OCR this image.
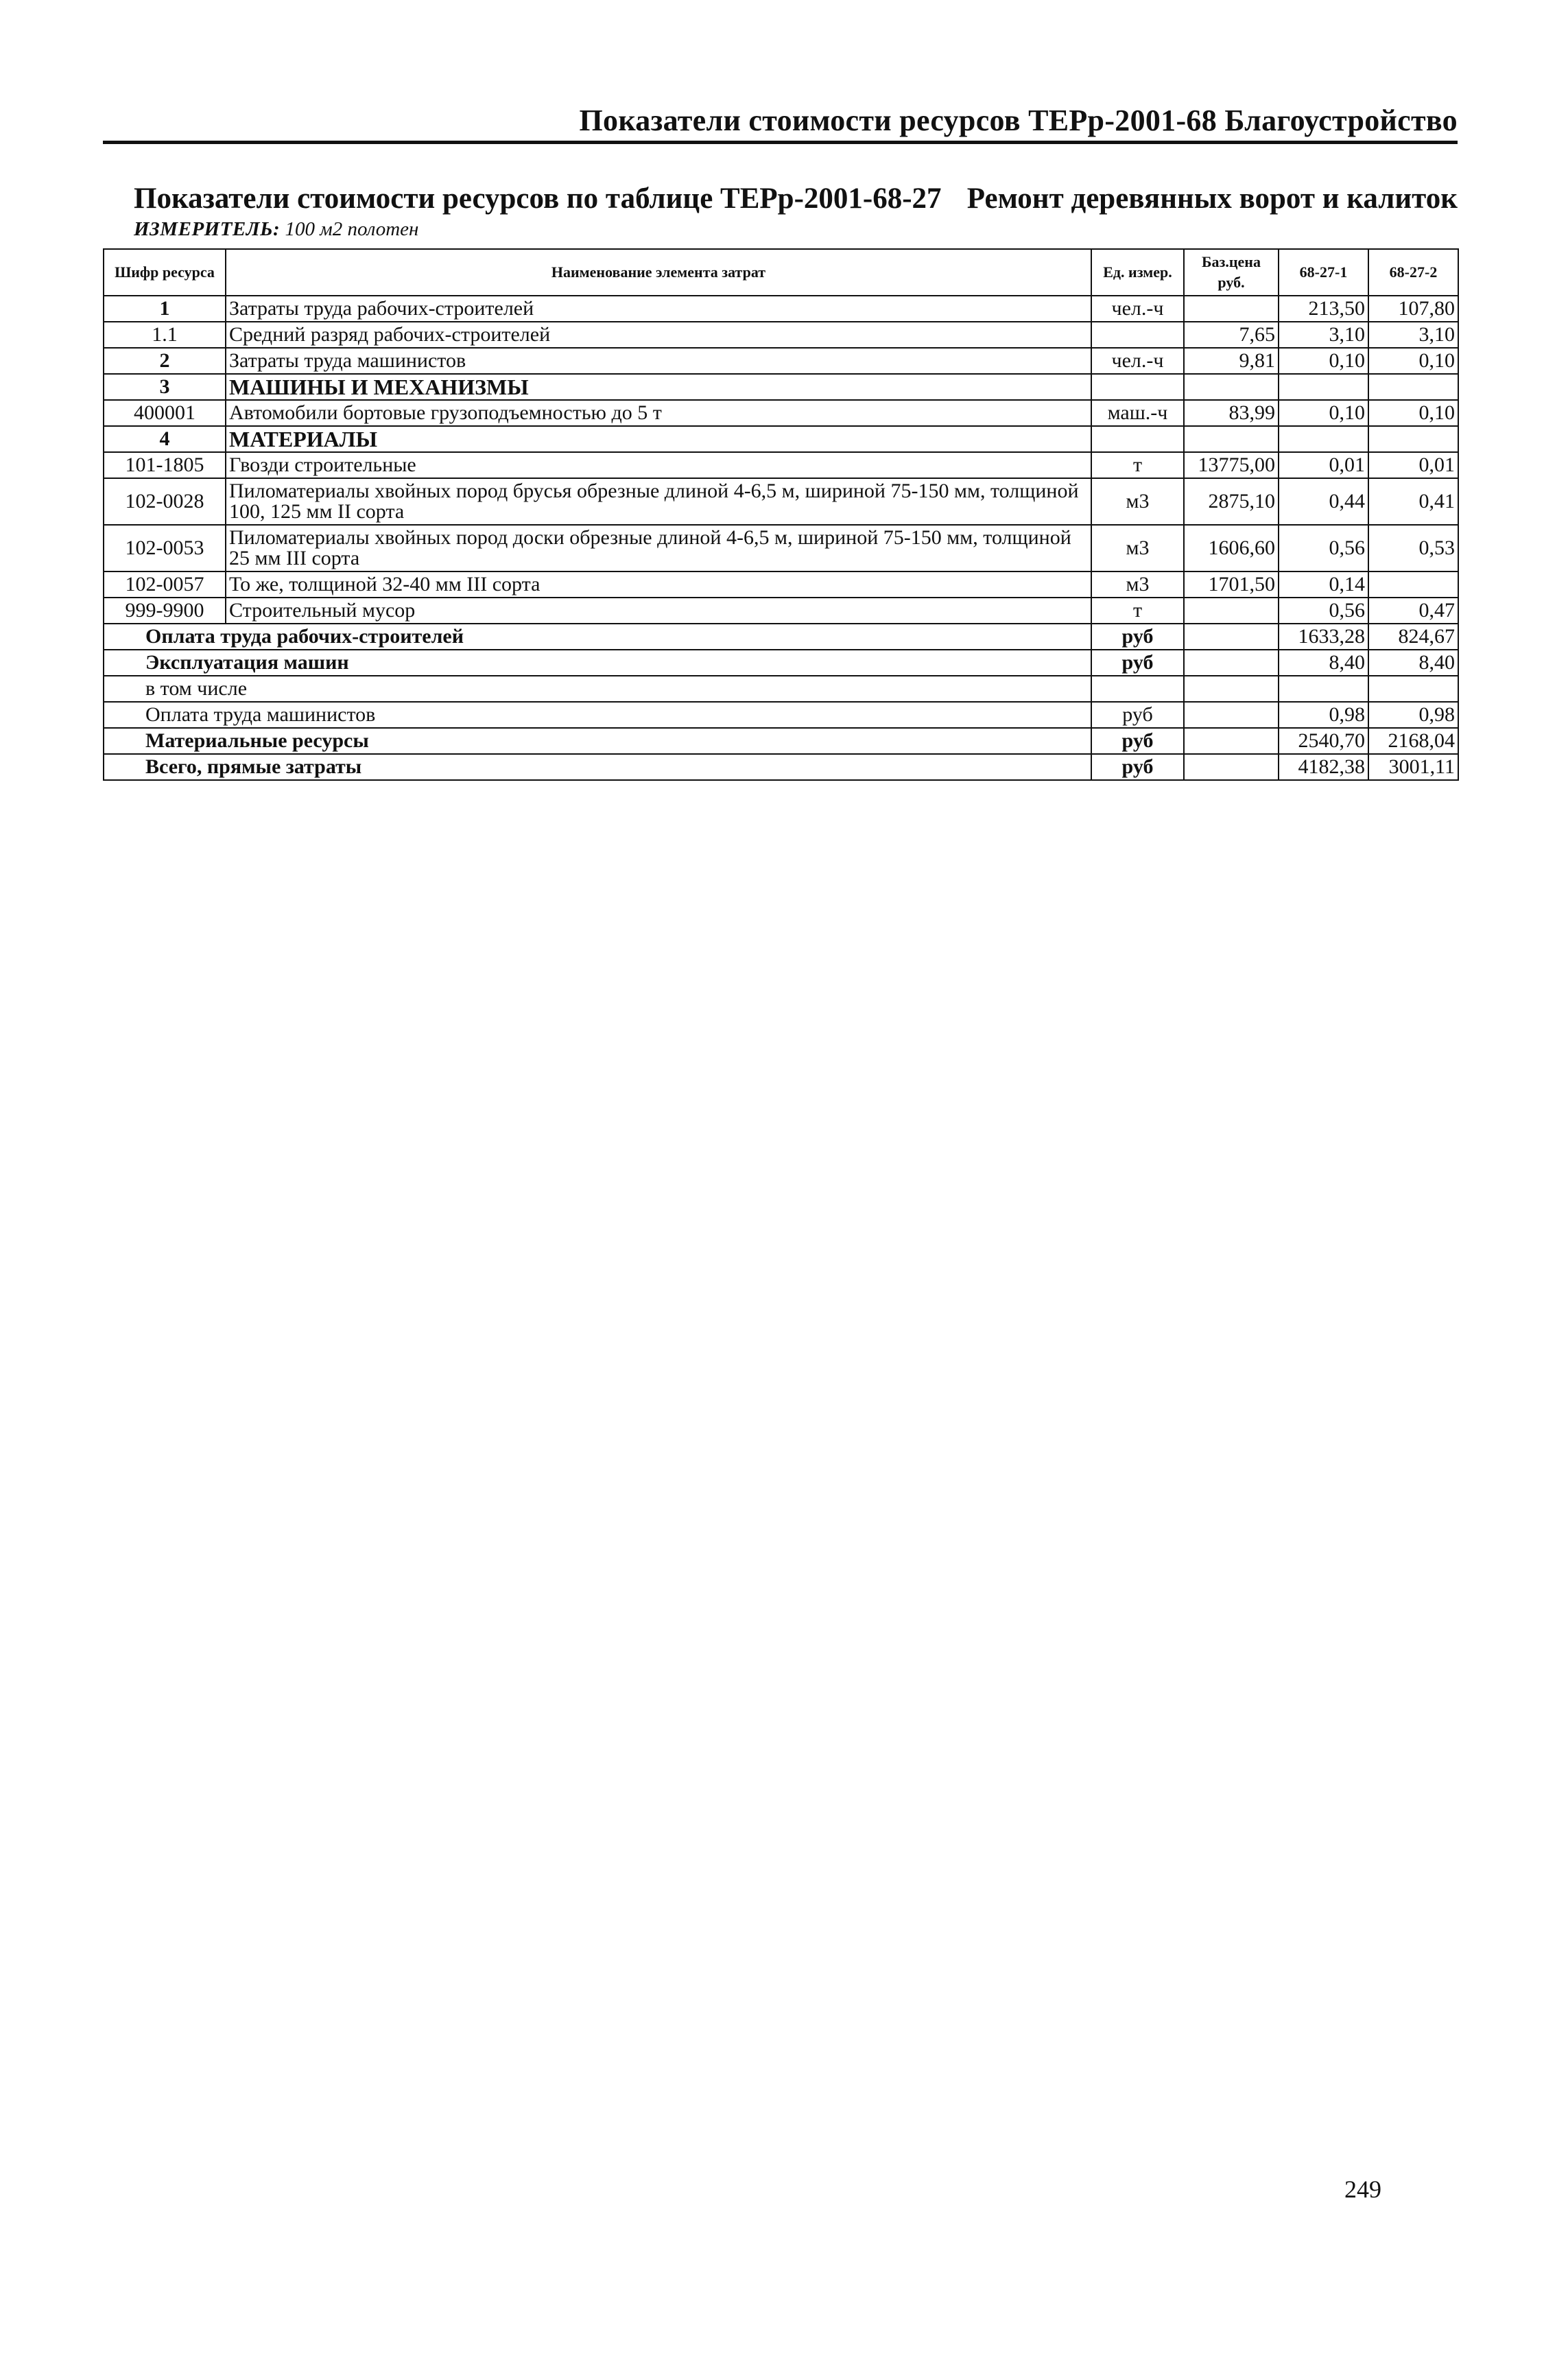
Показатели стоимости ресурсов ТЕРр-2001-68 Благоустройство
Показатели стоимости ресурсов по таблице ТЕРр-2001-68-27 Ремонт деревянных ворот и калиток
ИЗМЕРИТЕЛЬ: 100 м2 полотен
Шифр ресурса	Наименование элемента затрат	Ед. измер.	Баз.цена руб.	68-27-1	68-27-2
1	Затраты труда рабочих-строителей	чел.-ч		213,50	107,80
1.1	Средний разряд рабочих-строителей		7,65	3,10	3,10
2	Затраты труда машинистов	чел.-ч	9,81	0,10	0,10
3	МАШИНЫ И МЕХАНИЗМЫ				
400001	Автомобили бортовые грузоподъемностью до 5 т	маш.-ч	83,99	0,10	0,10
4	МАТЕРИАЛЫ				
101-1805	Гвозди строительные	т	13775,00	0,01	0,01
102-0028	Пиломатериалы хвойных пород брусья обрезные длиной 4-6,5 м, шириной 75-150 мм, толщиной 100, 125 мм II сорта	м3	2875,10	0,44	0,41
102-0053	Пиломатериалы хвойных пород доски обрезные длиной 4-6,5 м, шириной 75-150 мм, толщиной 25 мм III сорта	м3	1606,60	0,56	0,53
102-0057	То же, толщиной 32-40 мм III сорта	м3	1701,50	0,14	
999-9900	Строительный мусор	т		0,56	0,47
Оплата труда рабочих-строителей		руб		1633,28	824,67
Эксплуатация машин		руб		8,40	8,40
в том числе					
Оплата труда машинистов		руб		0,98	0,98
Материальные ресурсы		руб		2540,70	2168,04
Всего, прямые затраты		руб		4182,38	3001,11
249
